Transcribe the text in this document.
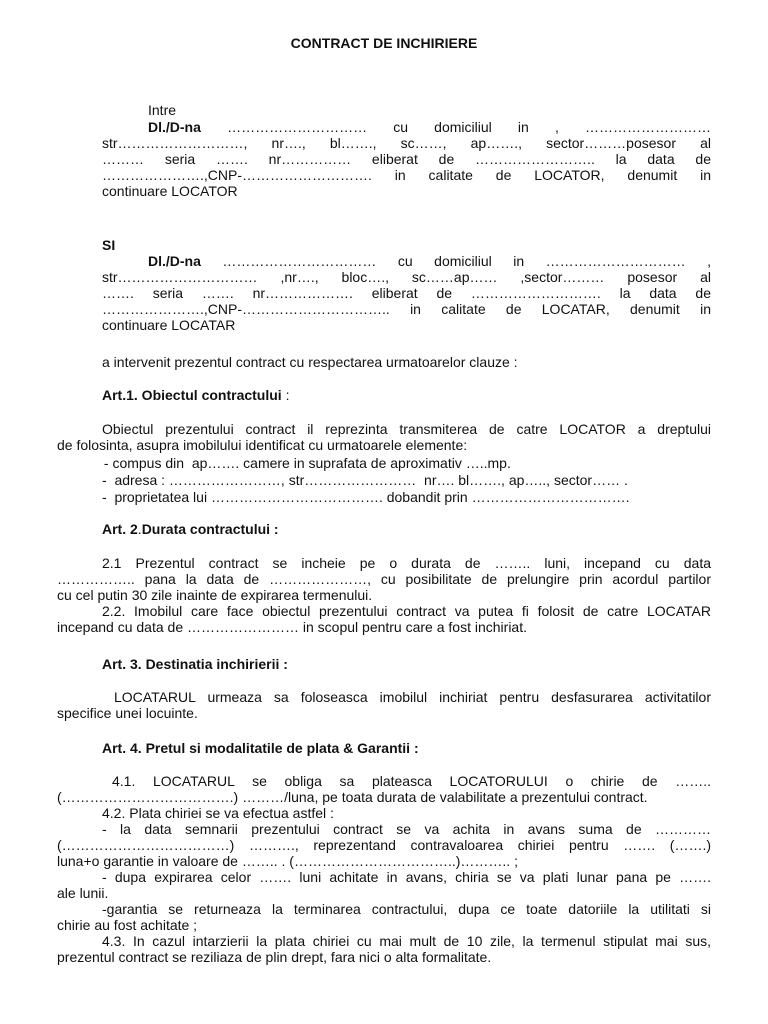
CONTRACT DE INCHIRIERE
Intre
Dl./D-na ………………………… cu domiciliul in , ………………………
str………………………, nr…., bl……., sc……, ap……., sector………posesor al
……… seria ……. nr…………… eliberat de …………………….. la data de
………………….,CNP-………………………. in calitate de LOCATOR, denumit in
continuare LOCATOR
SI
Dl./D-na …………………………… cu domiciliul in ………………………… ,
str………………………… ,nr…., bloc…., sc……ap…… ,sector……… posesor al
……. seria ……. nr………………. eliberat de ………………………. la data de
………………….,CNP-………………………….. in calitate de LOCATAR, denumit in
continuare LOCATAR
a intervenit prezentul contract cu respectarea urmatoarelor clauze :
Art.1. Obiectul contractului :
Obiectul prezentului contract il reprezinta transmiterea de catre LOCATOR a dreptului
de folosinta, asupra imobilului identificat cu urmatoarele elemente:
- compus din  ap……. camere in suprafata de aproximativ …..mp.
-  adresa : ……………………, str……………………  nr…. bl……., ap….., sector…… .
-  proprietatea lui ………………………………. dobandit prin …………………………….
Art. 2.Durata contractului :
2.1 Prezentul contract se incheie pe o durata de …….. luni, incepand cu data
…………….. pana la data de …………………, cu posibilitate de prelungire prin acordul partilor
cu cel putin 30 zile inainte de expirarea termenului.
2.2. Imobilul care face obiectul prezentului contract va putea fi folosit de catre LOCATAR
incepand cu data de …………………… in scopul pentru care a fost inchiriat.
Art. 3. Destinatia inchirierii :
LOCATARUL urmeaza sa foloseasca imobilul inchiriat pentru desfasurarea activitatilor
specifice unei locuinte.
Art. 4. Pretul si modalitatile de plata & Garantii :
4.1. LOCATARUL se obliga sa plateasca LOCATORULUI o chirie de ……..
(……………………………….) ………/luna, pe toata durata de valabilitate a prezentului contract.
4.2. Plata chiriei se va efectua astfel :
- la data semnarii prezentului contract se va achita in avans suma de …………
(………………………………) ………., reprezentand contravaloarea chiriei pentru ……. (…….)
luna+o garantie in valoare de …….. . (……………………………..)……….. ;
- dupa expirarea celor ……. luni achitate in avans, chiria se va plati lunar pana pe …….
ale lunii.
-garantia se returneaza la terminarea contractului, dupa ce toate datoriile la utilitati si
chirie au fost achitate ;
4.3. In cazul intarzierii la plata chiriei cu mai mult de 10 zile, la termenul stipulat mai sus,
prezentul contract se reziliaza de plin drept, fara nici o alta formalitate.
